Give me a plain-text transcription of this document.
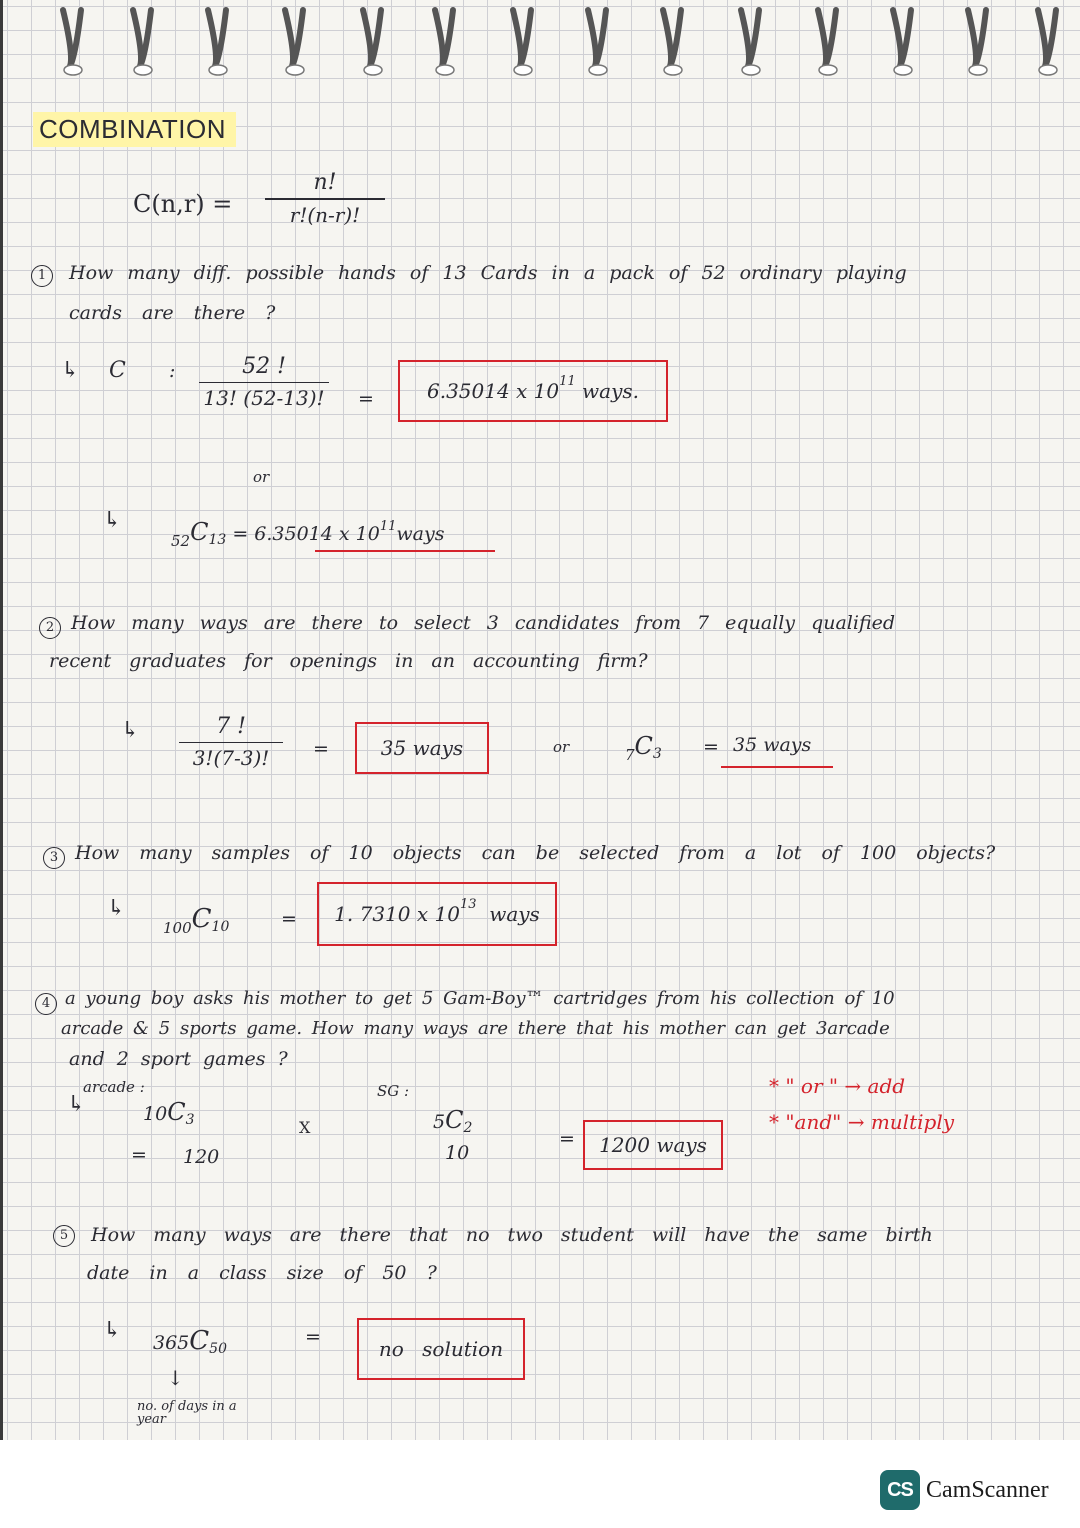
COMBINATION
C(n,r) =
n!
r!(n-r)!
1	How many diff. possible hands of 13 Cards in a pack of 52 ordinary playing
cards are there ?
↳ C :	52 !
13! (52-13)! =	6.35014 x 10 11
ways.
or
↳
$_{52}C_{13} = 6.35014$ x $10^{11}ways$
2 How many ways are there to select 3 candidates from 7 equally qualified
recent graduates for openings in an accounting firm?
↳	7 !
3!(7-3)!	=	35 ways	or	$_7C_3 = 35$ ways
3 How many samples of 10 objects can be selected from a lot of 100 objects?
↳
$_{100}C_{10}$	= 1. 7310 x 10 13
ways
4 a young boy asks his mother to get 5 Gam-Boy™ cartridges from his collection of 10
arcade & 5 sports game. How many ways are there that his mother can get 3arcade
and 2 sport games ?
arcade :	SG :
↳	$10C_3$	X	$5C_2$
= 120	10
=	1200 ways
* " or " → add
* "and" → multiply
5	How many ways are there that no two student will have the same birth
date in a class size of 50 ?
↳ $365C_{50}$
=	no solution
↓
no. of days in a year
CS CamScanner
